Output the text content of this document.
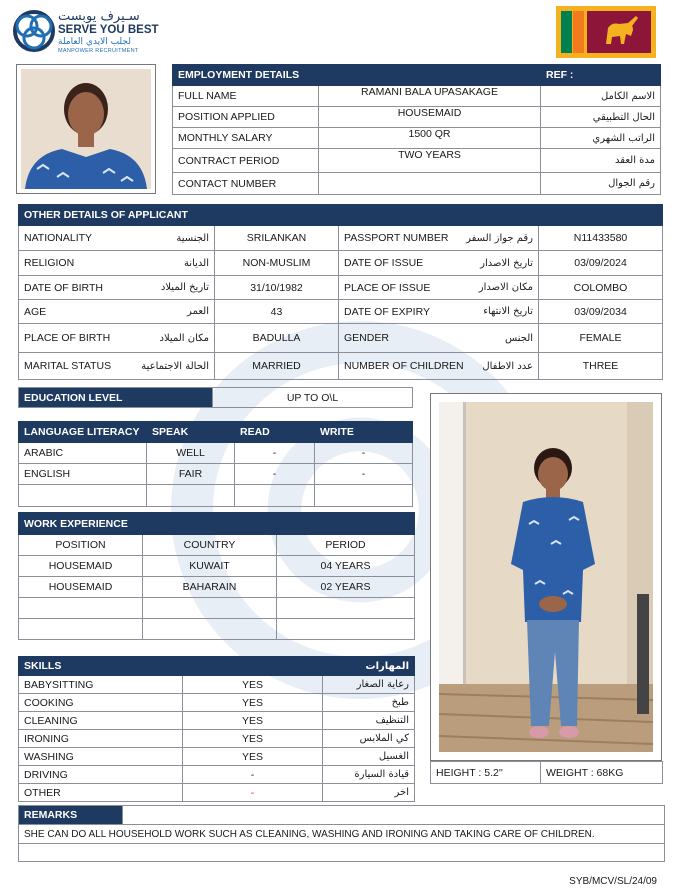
سـيرف يوبست
SERVE YOU BEST
لجلب الايدي العاملة
MANPOWER RECRUITMENT
EMPLOYMENT DETAILS		REF :
FULL NAME	RAMANI BALA UPASAKAGE	الاسم الكامل
POSITION APPLIED	HOUSEMAID	الحال التطبيقي
MONTHLY SALARY	1500 QR	الراتب الشهري
CONTRACT PERIOD	TWO YEARS	مدة العقد
CONTACT NUMBER		رقم الجوال
OTHER DETAILS OF APPLICANT			

NATIONALITY الجنسية	SRILANKAN	PASSPORT NUMBER رقم جواز السفر	N11433580

RELIGION الديانة	NON-MUSLIM	DATE OF ISSUE تاريخ الاصدار	03/09/2024

DATE OF BIRTH تاريخ الميلاد	31/10/1982	PLACE OF ISSUE مكان الاصدار	COLOMBO

AGE العمر	43	DATE OF EXPIRY تاريخ الانتهاء	03/09/2034

PLACE OF BIRTH مكان الميلاد	BADULLA	GENDER الجنس	FEMALE

MARITAL STATUS الحالة الاجتماعية	MARRIED	NUMBER OF CHILDREN عدد الاطفال	THREE
EDUCATION LEVEL	UP TO O\L
LANGUAGE LITERACY	SPEAK	READ	WRITE
ARABIC	WELL	-	-
ENGLISH	FAIR	-	-

WORK EXPERIENCE		
POSITION	COUNTRY	PERIOD
HOUSEMAID	KUWAIT	04 YEARS
HOUSEMAID	BAHARAIN	02 YEARS

SKILLS		المهارات
BABYSITTING	YES	رعاية الصغار
COOKING	YES	طبخ
CLEANING	YES	التنظيف
IRONING	YES	كي الملابس
WASHING	YES	الغسيل
DRIVING	-	قيادة السيارة
OTHER	-	اخر
HEIGHT : 5.2''	WEIGHT : 68KG
REMARKS	
SHE CAN DO ALL HOUSEHOLD WORK SUCH AS CLEANING, WASHING AND IRONING AND TAKING CARE OF CHILDREN.

SYB/MCV/SL/24/09
